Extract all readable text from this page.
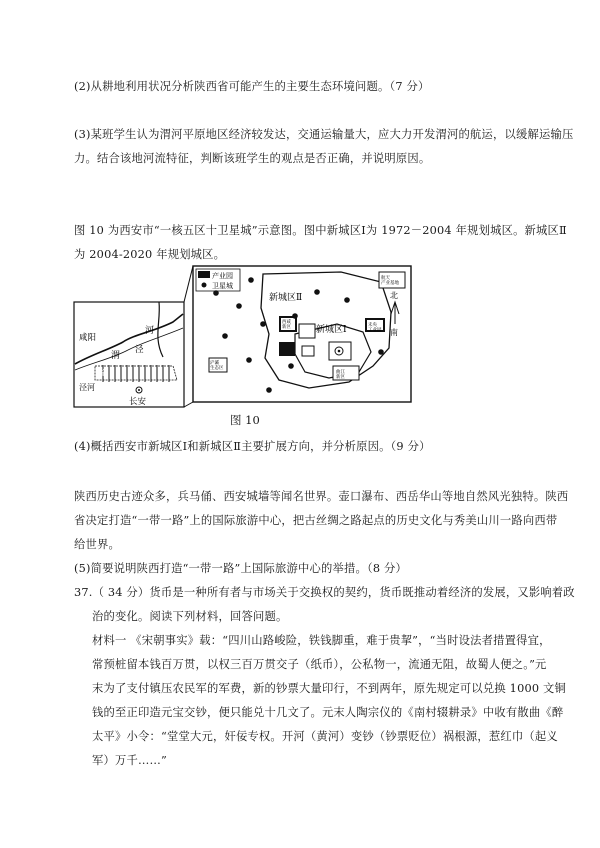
(2)从耕地利用状况分析陕西省可能产生的主要生态环境问题。（7 分）
(3)某班学生认为渭河平原地区经济较发达，交通运输量大，应大力开发渭河的航运，以缓解运输压
力。结合该地河流特征，判断该班学生的观点是否正确，并说明原因。
图 10 为西安市“一核五区十卫星城”示意图。图中新城区Ⅰ为 1972－2004 年规划城区。新城区Ⅱ
为 2004-2020 年规划城区。
咸阳
渭
河
路
泾
泾河
长安
产业园
卫星城
新城区Ⅱ
新城区Ⅰ
西咸新区	未央工业园
航天产业基地
曲江新区
浐灞生态区
北
南
图 10
(4)概括西安市新城区Ⅰ和新城区Ⅱ主要扩展方向，并分析原因。（9 分）
陕西历史古迹众多，兵马俑、西安城墙等闻名世界。壶口瀑布、西岳华山等地自然风光独特。陕西
省决定打造“一带一路”上的国际旅游中心，把古丝绸之路起点的历史文化与秀美山川一路向西带
给世界。
(5)简要说明陕西打造“一带一路”上国际旅游中心的举措。（8 分）
37.（ 34 分）货币是一种所有者与市场关于交换权的契约，货币既推动着经济的发展，又影响着政
治的变化。阅读下列材料，回答问题。
材料一 《宋朝事实》载：“四川山路峻险，铁钱脚重，难于贵挈”，“当时设法者措置得宜，
常预桩留本钱百万贯，以权三百万贯交子（纸币），公私物一，流通无阻，故蜀人便之。”元
末为了支付镇压农民军的军费，新的钞票大量印行，不到两年，原先规定可以兑换 1000 文铜
钱的至正印造元宝交钞，便只能兑十几文了。元末人陶宗仪的《南村辍耕录》中收有散曲《醉
太平》小令：“堂堂大元，奸佞专权。开河（黄河）变钞（钞票贬位）祸根源，惹红巾（起义
军）万千……”
